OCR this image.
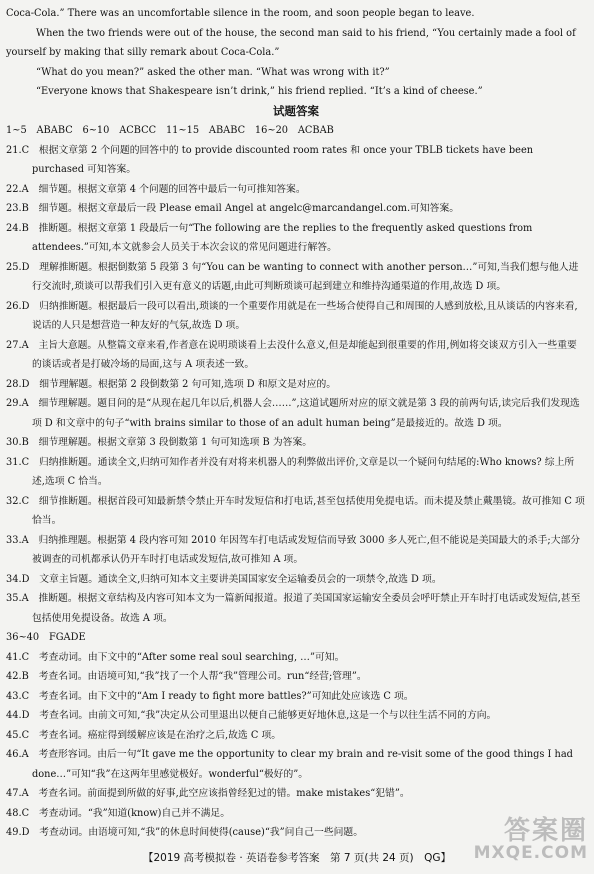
Coca-Cola.” There was an uncomfortable silence in the room, and soon people began to leave.

When the two friends were out of the house, the second man said to his friend, “You certainly made a fool of yourself by making that silly remark about Coca-Cola.”

“What do you mean?” asked the other man. “What was wrong with it?”

“Everyone knows that Shakespeare isn’t drink,” his friend replied. “It’s a kind of cheese.”

试题答案

1~5　ABABC　6~10　ACBCC　11~15　ABABC　16~20　ACBAB

21.C　根据文章第 2 个问题的回答中的 to provide discounted room rates 和 once your TBLB tickets have been purchased 可知答案。

22.A　细节题。根据文章第 4 个问题的回答中最后一句可推知答案。

23.B　细节题。根据文章最后一段 Please email Angel at angelc@marcandangel.com.可知答案。

24.B　推断题。根据文章第 1 段最后一句“The following are the replies to the frequently asked questions from attendees.”可知,本文就参会人员关于本次会议的常见问题进行解答。

25.D　理解推断题。根据倒数第 5 段第 3 句“You can be wanting to connect with another person…”可知,当我们想与他人进行交流时,琐谈可以帮我们引入更有意义的话题,由此可判断琐谈可起到建立和维持沟通渠道的作用,故选 D 项。

26.D　归纳推断题。根据最后一段可以看出,琐谈的一个重要作用就是在一些场合使得自己和周围的人感到放松,且从谈话的内容来看,说话的人只是想营造一种友好的气氛,故选 D 项。

27.A　主旨大意题。从整篇文章来看,作者意在说明琐谈看上去没什么意义,但是却能起到很重要的作用,例如将交谈双方引入一些重要的谈话或者是打破冷场的局面,这与 A 项表述一致。

28.D　细节理解题。根据第 2 段倒数第 2 句可知,选项 D 和原文是对应的。

29.A　细节理解题。题目问的是“从现在起几年以后,机器人会……”,这道试题所对应的原文就是第 3 段的前两句话,读完后我们发现选项 D 和文章中的句子“with brains similar to those of an adult human being”是最接近的。故选 D 项。

30.B　细节理解题。根据文章第 3 段倒数第 1 句可知选项 B 为答案。

31.C　归纳推断题。通读全文,归纳可知作者并没有对将来机器人的利弊做出评价,文章是以一个疑问句结尾的:Who knows? 综上所述,选项 C 恰当。

32.C　细节推断题。根据首段可知最新禁令禁止开车时发短信和打电话,甚至包括使用免提电话。而未提及禁止戴墨镜。故可推知 C 项恰当。

33.A　归纳推理题。根据第 4 段内容可知 2010 年因驾车打电话或发短信而导致 3000 多人死亡,但不能说是美国最大的杀手;大部分被调查的司机都承认仍开车时打电话或发短信,故可推知 A 项。

34.D　文章主旨题。通读全文,归纳可知本文主要讲美国国家安全运输委员会的一项禁令,故选 D 项。

35.A　推断题。根据文章结构及内容可知本文为一篇新闻报道。报道了美国国家运输安全委员会呼吁禁止开车时打电话或发短信,甚至包括使用免提设备。故选 A 项。

36~40　FGADE

41.C　考查动词。由下文中的“After some real soul searching, …”可知。

42.B　考查名词。由语境可知,“我”找了一个人帮“我”管理公司。run“经营;管理”。

43.C　考查名词。由下文中的“Am I ready to fight more battles?”可知此处应该选 C 项。

44.D　考查名词。由前文可知,“我”决定从公司里退出以便自己能够更好地休息,这是一个与以往生活不同的方向。

45.C　考查名词。癌症得到缓解应该是在治疗之后,故选 C 项。

46.A　考查形容词。由后一句“It gave me the opportunity to clear my brain and re-visit some of the good things I had done…”可知“我”在这两年里感觉极好。wonderful“极好的”。

47.A　考查名词。前面提到所做的好事,此空应该指曾经犯过的错。make mistakes“犯错”。

48.C　考查动词。“我”知道(know)自己并不满足。

49.D　考查动词。由语境可知,“我”的休息时间使得(cause)“我”问自己一些问题。

【2019 高考模拟卷 · 英语卷参考答案　第 7 页(共 24 页)　QG】
答案圈
MXQE.COM
